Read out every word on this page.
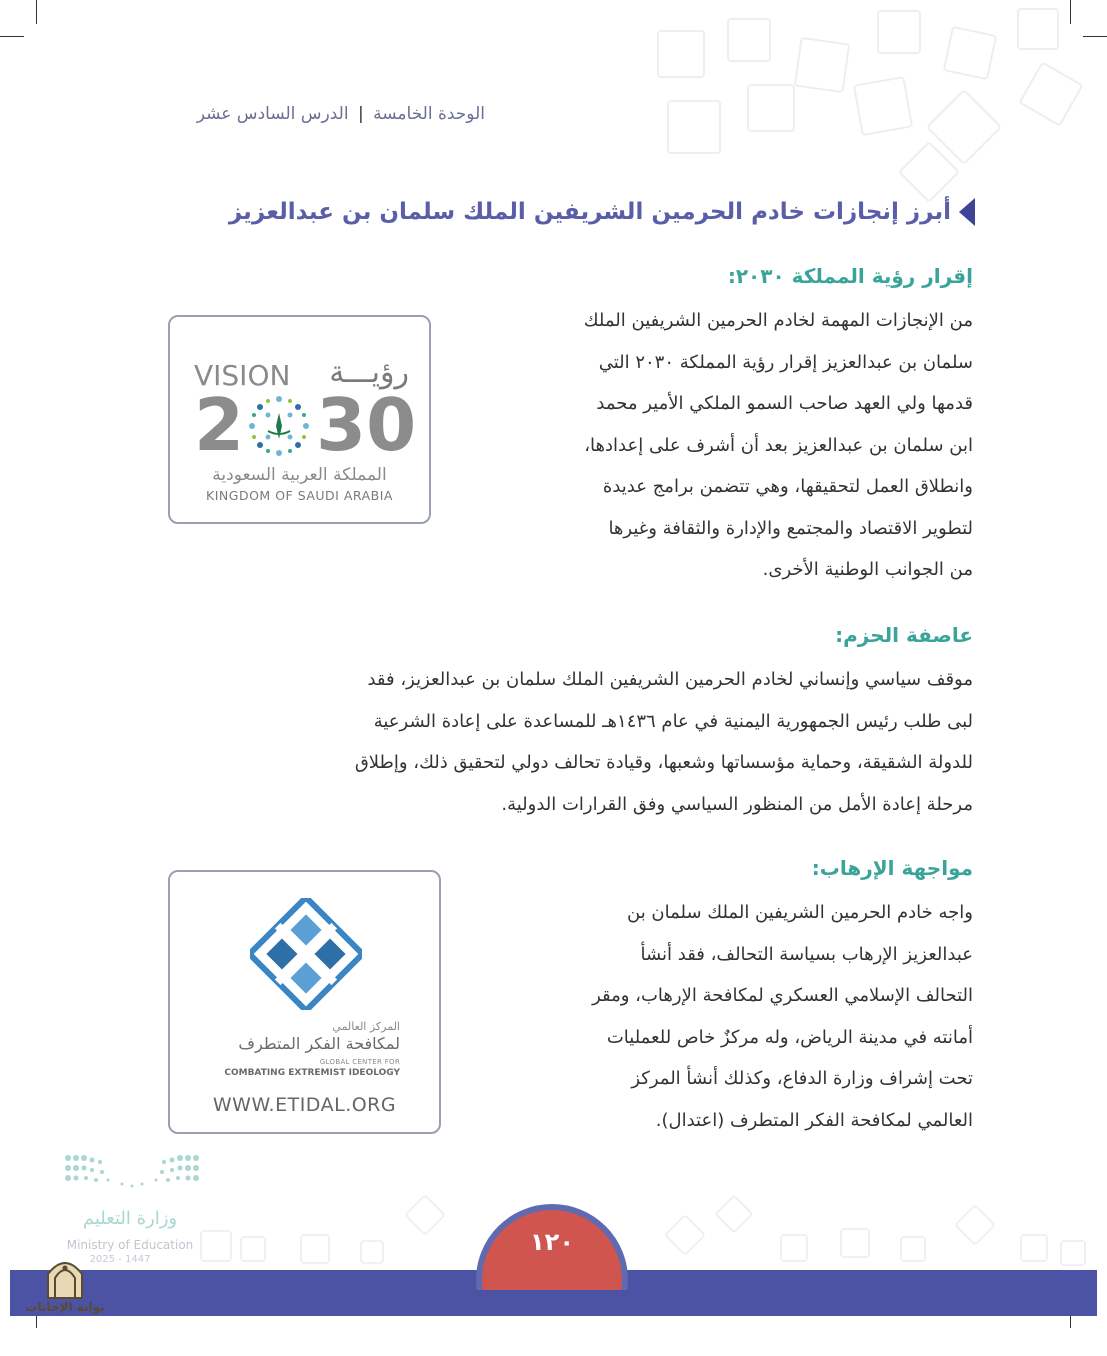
الوحدة الخامسة | الدرس السادس عشر
أبرز إنجازات خادم الحرمين الشريفين الملك سلمان بن عبدالعزيز
إقرار رؤية المملكة ٢٠٣٠:
من الإنجازات المهمة لخادم الحرمين الشريفين الملك
سلمان بن عبدالعزيز إقرار رؤية المملكة ٢٠٣٠ التي
قدمها ولي العهد صاحب السمو الملكي الأمير محمد
ابن سلمان بن عبدالعزيز بعد أن أشرف على إعدادها،
وانطلاق العمل لتحقيقها، وهي تتضمن برامج عديدة
لتطوير الاقتصاد والمجتمع والإدارة والثقافة وغيرها
من الجوانب الوطنية الأخرى.
VISION رؤيـــة
2 30
المملكة العربية السعودية
KINGDOM OF SAUDI ARABIA
عاصفة الحزم:
موقف سياسي وإنساني لخادم الحرمين الشريفين الملك سلمان بن عبدالعزيز، فقد
لبى طلب رئيس الجمهورية اليمنية في عام ١٤٣٦هـ للمساعدة على إعادة الشرعية
للدولة الشقيقة، وحماية مؤسساتها وشعبها، وقيادة تحالف دولي لتحقيق ذلك، وإطلاق
مرحلة إعادة الأمل من المنظور السياسي وفق القرارات الدولية.
مواجهة الإرهاب:
واجه خادم الحرمين الشريفين الملك سلمان بن
عبدالعزيز الإرهاب بسياسة التحالف، فقد أنشأ
التحالف الإسلامي العسكري لمكافحة الإرهاب، ومقر
أمانته في مدينة الرياض، وله مركزٌ خاص للعمليات
تحت إشراف وزارة الدفاع، وكذلك أنشأ المركز
العالمي لمكافحة الفكر المتطرف (اعتدال).
المركز العالمي
لمكافحة الفكر المتطرف
GLOBAL CENTER FOR
COMBATING EXTREMIST IDEOLOGY
WWW.ETIDAL.ORG
وزارة التعليم
Ministry of Education
2025 - 1447
١٢٠
بوابة الإجابات
